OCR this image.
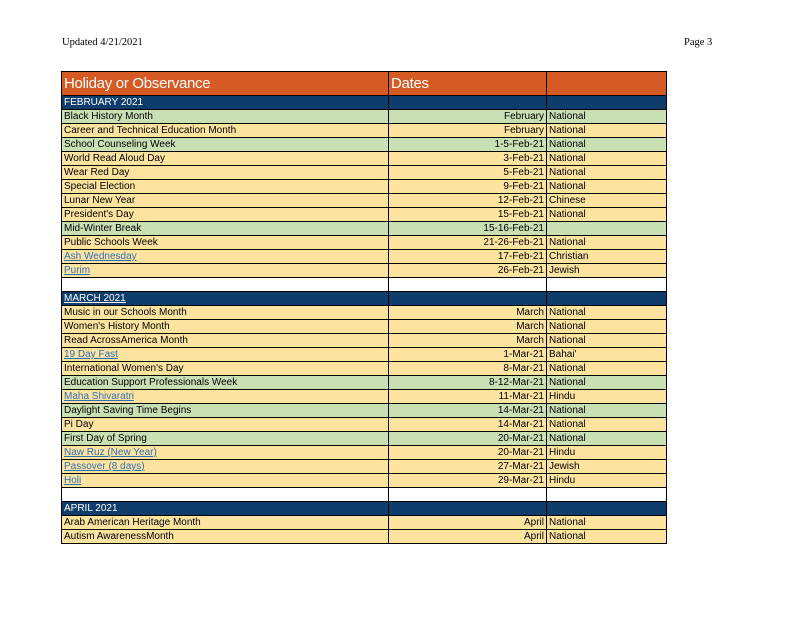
Updated 4/21/2021	Page 3
Holiday or Observance	Dates	
FEBRUARY 2021		
Black History Month	February	National
Career and Technical Education Month	February	National
School Counseling Week	1-5-Feb-21	National
World Read Aloud Day	3-Feb-21	National
Wear Red Day	5-Feb-21	National
Special Election	9-Feb-21	National
Lunar New Year	12-Feb-21	Chinese
President's Day	15-Feb-21	National
Mid-Winter Break	15-16-Feb-21	
Public Schools Week	21-26-Feb-21	National
Ash Wednesday	17-Feb-21	Christian
Purim	26-Feb-21	Jewish

MARCH 2021		
Music in our Schools Month	March	National
Women's History Month	March	National
Read AcrossAmerica Month	March	National
19 Day Fast	1-Mar-21	Bahai'
International Women's Day	8-Mar-21	National
Education Support Professionals Week	8-12-Mar-21	National
Maha Shivaratri	11-Mar-21	Hindu
Daylight Saving Time Begins	14-Mar-21	National
Pi Day	14-Mar-21	National
First Day of Spring	20-Mar-21	National
Naw Ruz (New Year)	20-Mar-21	Hindu
Passover (8 days)	27-Mar-21	Jewish
Holi	29-Mar-21	Hindu

APRIL 2021		
Arab American Heritage Month	April	National
Autism AwarenessMonth	April	National
